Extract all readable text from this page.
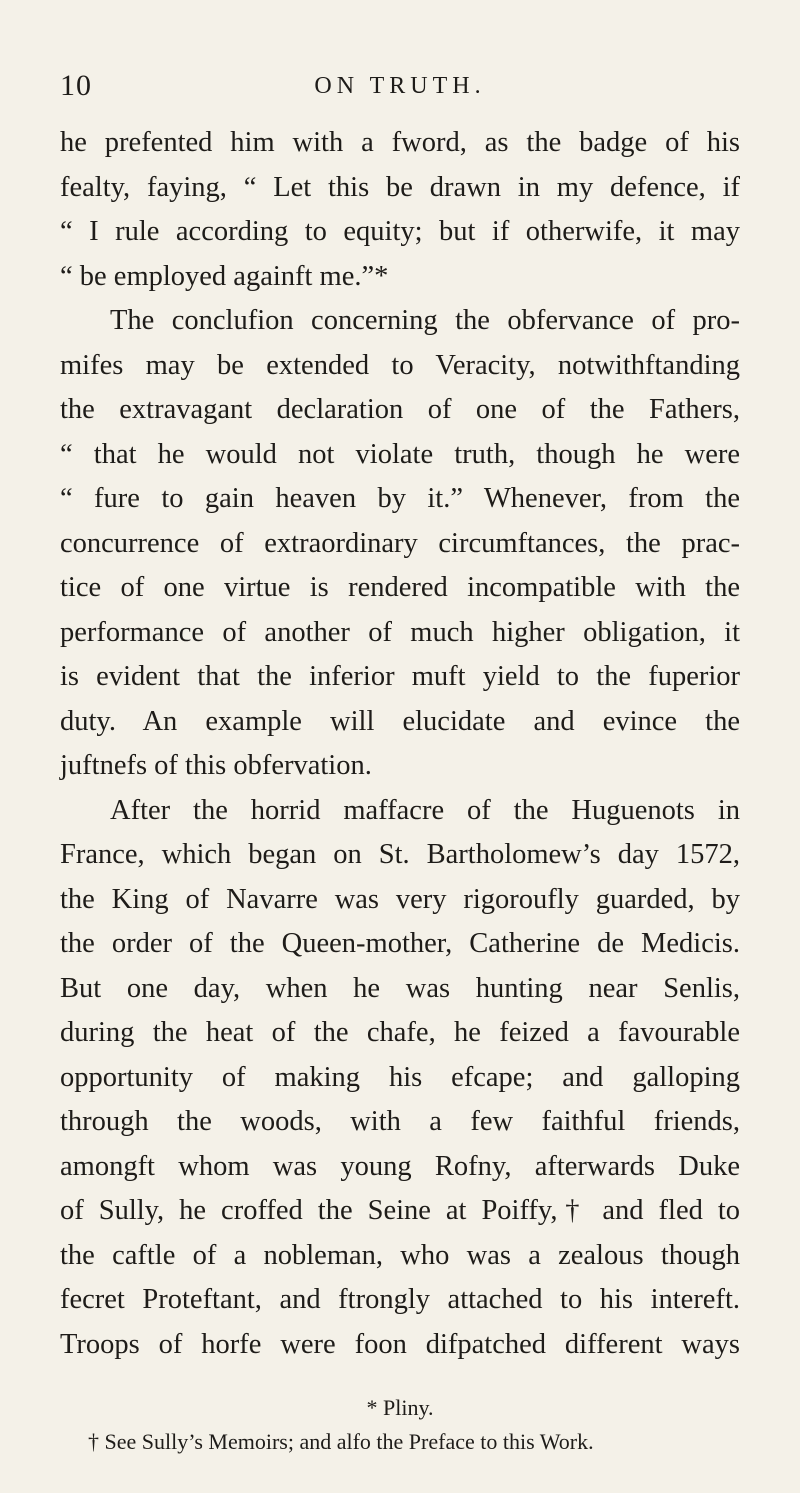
10	ON TRUTH.
he prefented him with a fword, as the badge of his
fealty, faying, “ Let this be drawn in my defence, if
“ I rule according to equity; but if otherwife, it may
“ be employed againft me.”*
The conclufion concerning the obfervance of pro-
mifes may be extended to Veracity, notwithftanding
the extravagant declaration of one of the Fathers,
“ that he would not violate truth, though he were
“ fure to gain heaven by it.” Whenever, from the
concurrence of extraordinary circumftances, the prac-
tice of one virtue is rendered incompatible with the
performance of another of much higher obligation, it
is evident that the inferior muft yield to the fuperior
duty. An example will elucidate and evince the
juftnefs of this obfervation.
After the horrid maffacre of the Huguenots in
France, which began on St. Bartholomew’s day 1572,
the King of Navarre was very rigoroufly guarded, by
the order of the Queen-mother, Catherine de Medicis.
But one day, when he was hunting near Senlis,
during the heat of the chafe, he feized a favourable
opportunity of making his efcape; and galloping
through the woods, with a few faithful friends,
amongft whom was young Rofny, afterwards Duke
of Sully, he croffed the Seine at Poiffy,† and fled to
the caftle of a nobleman, who was a zealous though
fecret Proteftant, and ftrongly attached to his intereft.
Troops of horfe were foon difpatched different ways
* Pliny.
† See Sully’s Memoirs; and alfo the Preface to this Work.
